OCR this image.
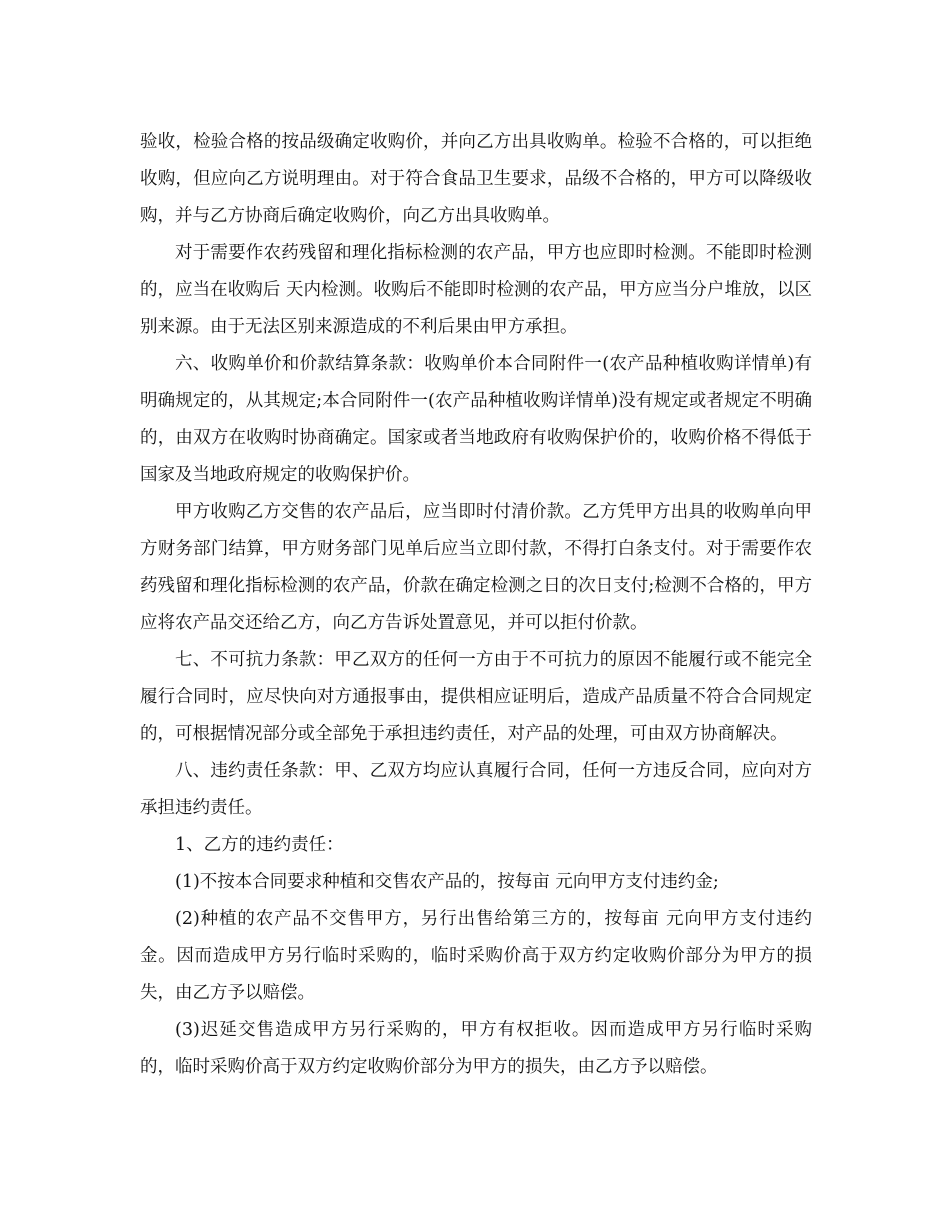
验收，检验合格的按品级确定收购价，并向乙方出具收购单。检验不合格的，可以拒绝收购，但应向乙方说明理由。对于符合食品卫生要求，品级不合格的，甲方可以降级收购，并与乙方协商后确定收购价，向乙方出具收购单。

对于需要作农药残留和理化指标检测的农产品，甲方也应即时检测。不能即时检测的，应当在收购后 天内检测。收购后不能即时检测的农产品，甲方应当分户堆放，以区别来源。由于无法区别来源造成的不利后果由甲方承担。

六、收购单价和价款结算条款：收购单价本合同附件一(农产品种植收购详情单)有明确规定的，从其规定;本合同附件一(农产品种植收购详情单)没有规定或者规定不明确的，由双方在收购时协商确定。国家或者当地政府有收购保护价的，收购价格不得低于国家及当地政府规定的收购保护价。

甲方收购乙方交售的农产品后，应当即时付清价款。乙方凭甲方出具的收购单向甲方财务部门结算，甲方财务部门见单后应当立即付款，不得打白条支付。对于需要作农药残留和理化指标检测的农产品，价款在确定检测之日的次日支付;检测不合格的，甲方应将农产品交还给乙方，向乙方告诉处置意见，并可以拒付价款。

七、不可抗力条款：甲乙双方的任何一方由于不可抗力的原因不能履行或不能完全履行合同时，应尽快向对方通报事由，提供相应证明后，造成产品质量不符合合同规定的，可根据情况部分或全部免于承担违约责任，对产品的处理，可由双方协商解决。

八、违约责任条款：甲、乙双方均应认真履行合同，任何一方违反合同，应向对方承担违约责任。

1、乙方的违约责任：

(1)不按本合同要求种植和交售农产品的，按每亩 元向甲方支付违约金;

(2)种植的农产品不交售甲方，另行出售给第三方的，按每亩 元向甲方支付违约金。因而造成甲方另行临时采购的，临时采购价高于双方约定收购价部分为甲方的损失，由乙方予以赔偿。

(3)迟延交售造成甲方另行采购的，甲方有权拒收。因而造成甲方另行临时采购的，临时采购价高于双方约定收购价部分为甲方的损失，由乙方予以赔偿。
